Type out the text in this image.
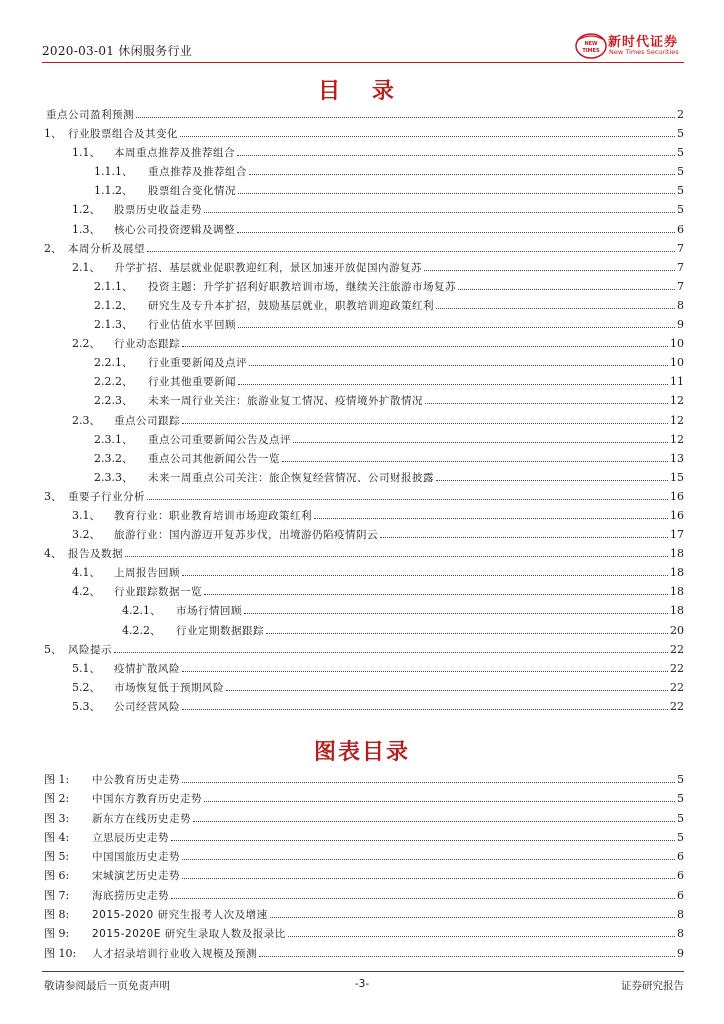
2020-03-01 休闲服务行业	NEW
TIMES
新时代证券
New Times Securities
目 录
重点公司盈利预测	2
1、 行业股票组合及其变化	5
1.1、	本周重点推荐及推荐组合	5
1.1.1、	重点推荐及推荐组合	5
1.1.2、	股票组合变化情况	5
1.2、	股票历史收益走势	5
1.3、	核心公司投资逻辑及调整	6
2、 本周分析及展望	7
2.1、	升学扩招、基层就业促职教迎红利，景区加速开放促国内游复苏	7
2.1.1、	投资主题：升学扩招利好职教培训市场，继续关注旅游市场复苏	7
2.1.2、	研究生及专升本扩招，鼓励基层就业，职教培训迎政策红利	8
2.1.3、	行业估值水平回顾	9
2.2、	行业动态跟踪	10
2.2.1、	行业重要新闻及点评	10
2.2.2、	行业其他重要新闻	11
2.2.3、	未来一周行业关注：旅游业复工情况、疫情境外扩散情况	12
2.3、	重点公司跟踪	12
2.3.1、	重点公司重要新闻公告及点评	12
2.3.2、	重点公司其他新闻公告一览	13
2.3.3、	未来一周重点公司关注：旅企恢复经营情况、公司财报披露	15
3、 重要子行业分析	16
3.1、	教育行业：职业教育培训市场迎政策红利	16
3.2、	旅游行业：国内游迈开复苏步伐，出境游仍陷疫情阴云	17
4、 报告及数据	18
4.1、	上周报告回顾	18
4.2、	行业跟踪数据一览	18
4.2.1、	市场行情回顾	18
4.2.2、	行业定期数据跟踪	20
5、 风险提示	22
5.1、	疫情扩散风险	22
5.2、	市场恢复低于预期风险	22
5.3、	公司经营风险	22
图表目录
图 1:	中公教育历史走势	5
图 2:	中国东方教育历史走势	5
图 3:	新东方在线历史走势	5
图 4:	立思辰历史走势	5
图 5:	中国国旅历史走势	6
图 6:	宋城演艺历史走势	6
图 7:	海底捞历史走势	6
图 8:	2015-2020 研究生报考人次及增速	8
图 9:	2015-2020E 研究生录取人数及报录比	8
图 10:	人才招录培训行业收入规模及预测	9
敬请参阅最后一页免责声明	-3-	证券研究报告
